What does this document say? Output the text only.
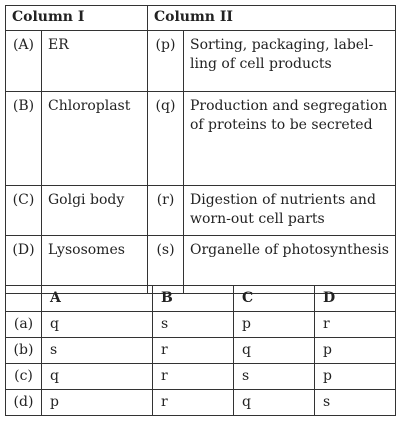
Column I		Column II	
(A)	ER	(p)	Sorting, packaging, label-ling of cell products
(B)	Chloroplast	(q)	Production and segregation of proteins to be secreted
(C)	Golgi body	(r)	Digestion of nutrients and worn-out cell parts
(D)	Lysosomes	(s)	Organelle of photosynthesis
	A	B	C	D
(a)	q	s	p	r
(b)	s	r	q	p
(c)	q	r	s	p
(d)	p	r	q	s
